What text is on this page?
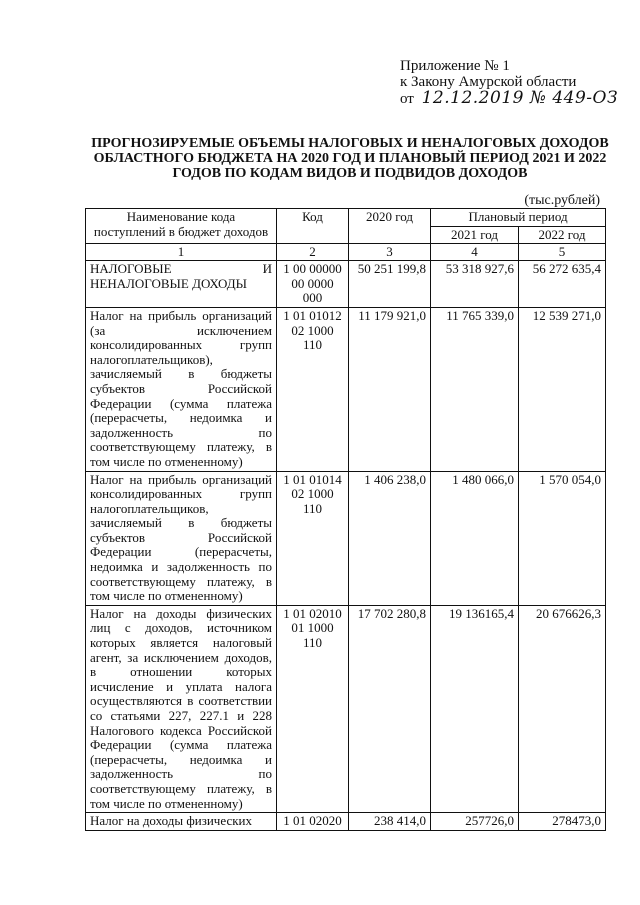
Приложение № 1
к Закону Амурской области
от 12.12.2019 № 449-ОЗ
ПРОГНОЗИРУЕМЫЕ ОБЪЕМЫ НАЛОГОВЫХ И НЕНАЛОГОВЫХ ДОХОДОВ ОБЛАСТНОГО БЮДЖЕТА НА 2020 ГОД И ПЛАНОВЫЙ ПЕРИОД 2021 И 2022 ГОДОВ ПО КОДАМ ВИДОВ И ПОДВИДОВ ДОХОДОВ
(тыс.рублей)
Наименование кода поступлений в бюджет доходов	Код	2020 год	Плановый период	
			2021 год	2022 год
1	2	3	4	5
НАЛОГОВЫЕ И НЕНАЛОГОВЫЕ ДОХОДЫ	1 00 00000 00 0000 000	50 251 199,8	53 318 927,6	56 272 635,4
Налог на прибыль организаций (за исключением консолидированных групп налогоплательщиков), зачисляемый в бюджеты субъектов Российской Федерации (сумма платежа (перерасчеты, недоимка и задолженность по соответствующему платежу, в том числе по отмененному)	1 01 01012 02 1000 110	11 179 921,0	11 765 339,0	12 539 271,0
Налог на прибыль организаций консолидированных групп налогоплательщиков, зачисляемый в бюджеты субъектов Российской Федерации (перерасчеты, недоимка и задолженность по соответствующему платежу, в том числе по отмененному)	1 01 01014 02 1000 110	1 406 238,0	1 480 066,0	1 570 054,0
Налог на доходы физических лиц с доходов, источником которых является налоговый агент, за исключением доходов, в отношении которых исчисление и уплата налога осуществляются в соответствии со статьями 227, 227.1 и 228 Налогового кодекса Российской Федерации (сумма платежа (перерасчеты, недоимка и задолженность по соответствующему платежу, в том числе по отмененному)	1 01 02010 01 1000 110	17 702 280,8	19 136165,4	20 676626,3
Налог на доходы физических	1 01 02020	238 414,0	257726,0	278473,0
